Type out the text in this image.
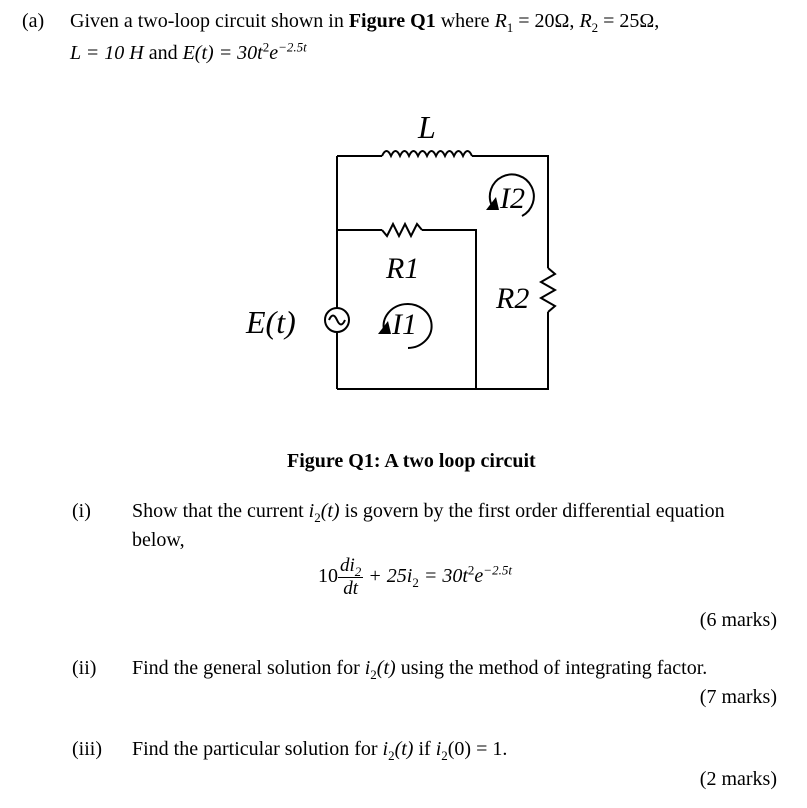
(a) Given a two-loop circuit shown in Figure Q1 where $R_1 = 20\Omega$, $R_2 = 25\Omega$,
L = 10 H and $E(t) = 30t^2e^{-2.5t}$
L
I2
R1
R2
E(t)	I1
Figure Q1: A two loop circuit
(i) Show that the current $i_2(t)$ is govern by the first order differential equation
below,
$10 \frac{di_2}{dt} + 25i_2 = 30t^2e^{-2.5t}$
(6 marks)
(ii) Find the general solution for $i_2(t)$ using the method of integrating factor.
(7 marks)
(iii) Find the particular solution for $i_2(t)$ if $i_2(0) = 1$.
(2 marks)
